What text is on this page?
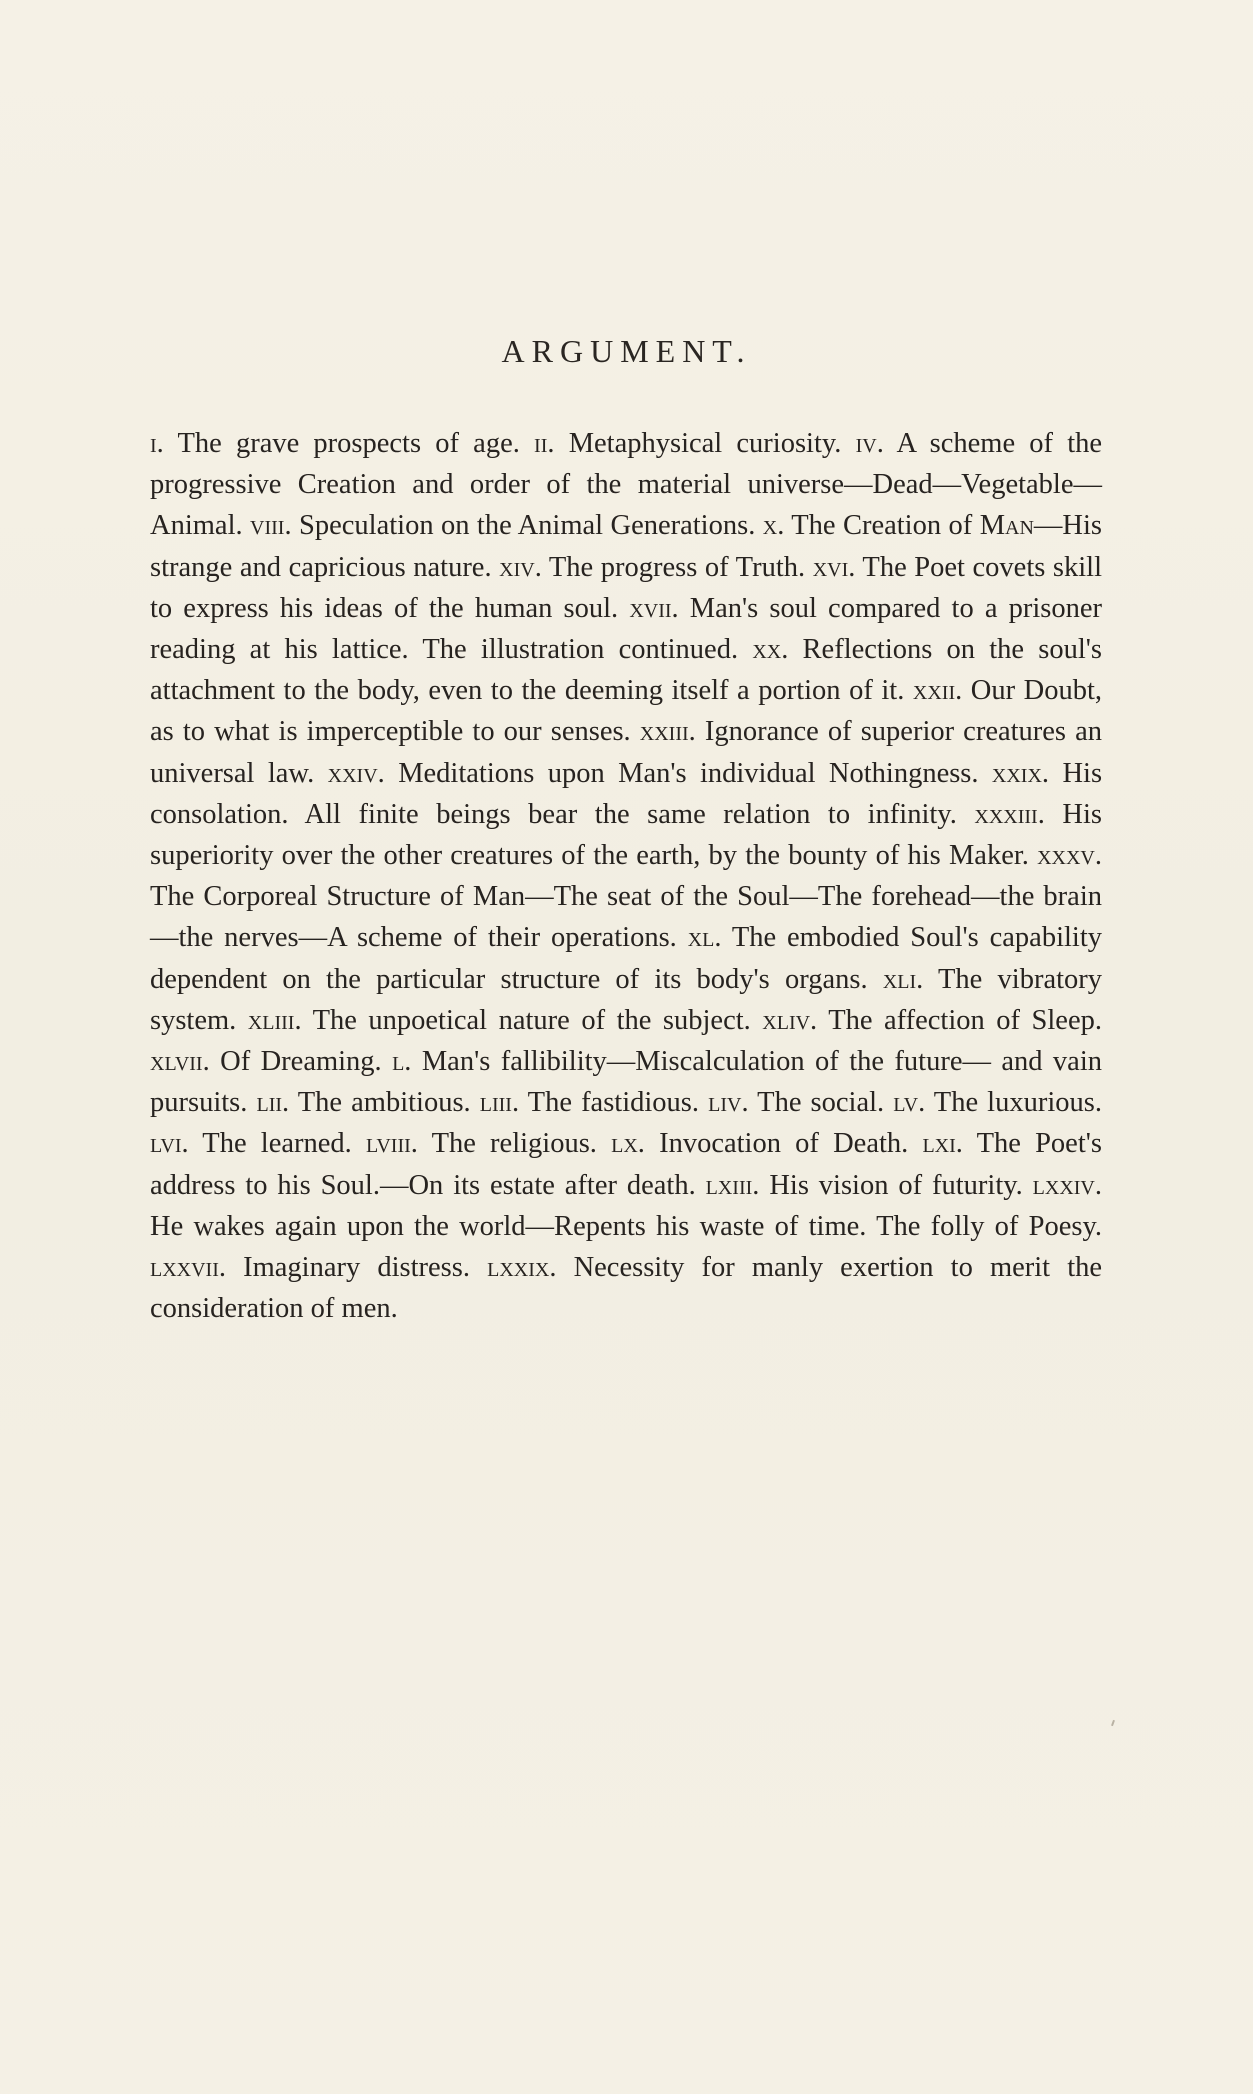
ARGUMENT.

i. The grave prospects of age. ii. Metaphysical curiosity. iv. A scheme of the progressive Creation and order of the material universe—Dead—Vegetable—Animal. viii. Speculation on the Animal Generations. x. The Creation of Man—His strange and capricious nature. xiv. The progress of Truth. xvi. The Poet covets skill to express his ideas of the human soul. xvii. Man's soul compared to a prisoner reading at his lattice. The illustration continued. xx. Reflections on the soul's attachment to the body, even to the deeming itself a portion of it. xxii. Our Doubt, as to what is imperceptible to our senses. xxiii. Ignorance of superior creatures an universal law. xxiv. Meditations upon Man's individual Nothingness. xxix. His consolation. All finite beings bear the same relation to infinity. xxxiii. His superiority over the other creatures of the earth, by the bounty of his Maker. xxxv. The Corporeal Structure of Man—The seat of the Soul—The forehead—the brain—the nerves—A scheme of their operations. xl. The embodied Soul's capability dependent on the particular structure of its body's organs. xli. The vibratory system. xliii. The unpoetical nature of the subject. xliv. The affection of Sleep. xlvii. Of Dreaming. l. Man's fallibility—Miscalculation of the future— and vain pursuits. lii. The ambitious. liii. The fastidious. liv. The social. lv. The luxurious. lvi. The learned. lviii. The religious. lx. Invocation of Death. lxi. The Poet's address to his Soul.—On its estate after death. lxiii. His vision of futurity. lxxiv. He wakes again upon the world—Repents his waste of time. The folly of Poesy. lxxvii. Imaginary distress. lxxix. Necessity for manly exertion to merit the consideration of men.
